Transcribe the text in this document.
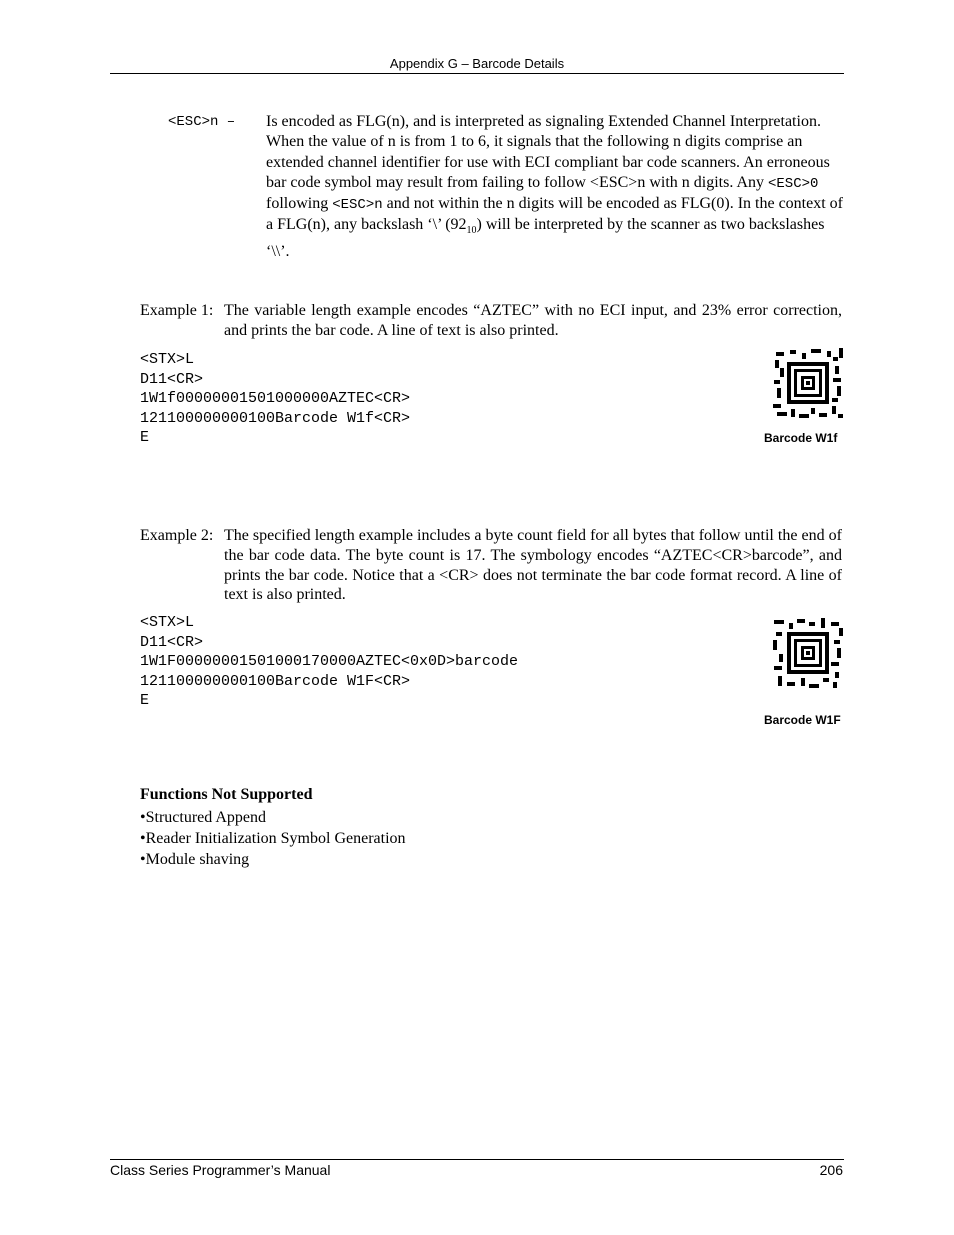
Appendix G – Barcode Details
<ESC>n – Is encoded as FLG(n), and is interpreted as signaling Extended Channel Interpretation. When the value of n is from 1 to 6, it signals that the following n digits comprise an extended channel identifier for use with ECI compliant bar code scanners. An erroneous bar code symbol may result from failing to follow <ESC>n with n digits. Any <ESC>0 following <ESC>n and not within the n digits will be encoded as FLG(0). In the context of a FLG(n), any backslash ‘\’ $(92_{10})$ will be interpreted by the scanner as two backslashes ‘\\’.
Example 1: The variable length example encodes “AZTEC” with no ECI input, and 23% error correction, and prints the bar code. A line of text is also printed.
<STX>L
D11<CR>
1W1f00000001501000000AZTEC<CR>
121100000000100Barcode W1f<CR>
E	Barcode W1f
Example 2: The specified length example includes a byte count field for all bytes that follow until the end of the bar code data. The byte count is 17. The symbology encodes “AZTEC<CR>barcode”, and prints the bar code. Notice that a <CR> does not terminate the bar code format record. A line of text is also printed.
<STX>L
D11<CR>
1W1F00000001501000170000AZTEC<0x0D>barcode
121100000000100Barcode W1F<CR>
E
Barcode W1F
Functions Not Supported
•Structured Append
•Reader Initialization Symbol Generation
•Module shaving
Class Series Programmer’s Manual	206
